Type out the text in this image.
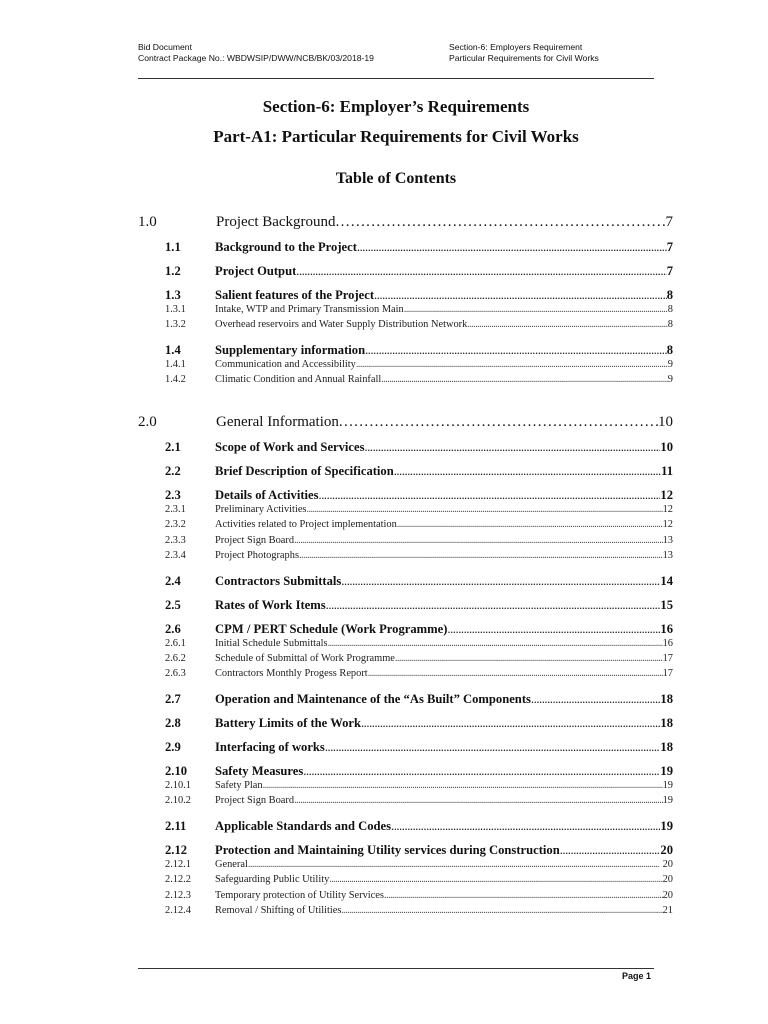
Bid Document
Contract Package No.: WBDWSIP/DWW/NCB/BK/03/2018-19
Section-6: Employers Requirement
Particular Requirements for Civil Works
Section-6: Employer’s Requirements
Part-A1: Particular Requirements for Civil Works
Table of Contents
1.0	Project Background . . .	7
1.1	Background to the Project . . .	7
1.2	Project Output . . .	7
1.3	Salient features of the Project . . .	8
1.3.1	Intake, WTP and Primary Transmission Main . . .	8
1.3.2	Overhead reservoirs and Water Supply Distribution Network . . .	8
1.4	Supplementary information . . .	8
1.4.1	Communication and Accessibility . . .	9
1.4.2	Climatic Condition and Annual Rainfall . . .	9
2.0	General Information . . .	10
2.1	Scope of Work and Services . . .	10
2.2	Brief Description of Specification . . .	11
2.3	Details of Activities . . .	12
2.3.1	Preliminary Activities . . .	12
2.3.2	Activities related to Project implementation . . .	12
2.3.3	Project Sign Board . . .	13
2.3.4	Project Photographs . . .	13
2.4	Contractors Submittals . . .	14
2.5	Rates of Work Items . . .	15
2.6	CPM / PERT Schedule (Work Programme) . . .	16
2.6.1	Initial Schedule Submittals . . .	16
2.6.2	Schedule of Submittal of Work Programme . . .	17
2.6.3	Contractors Monthly Progess Report . . .	17
2.7	Operation and Maintenance of the “As Built” Components . . .	18
2.8	Battery Limits of the Work . . .	18
2.9	Interfacing of works . . .	18
2.10 Safety Measures . . .	19
2.10.1	Safety Plan . . .	19
2.10.2	Project Sign Board . . .	19
2.11 Applicable Standards and Codes . . .	19
2.12 Protection and Maintaining Utility services during Construction . . .	20
2.12.1	General . . .	20
2.12.2	Safeguarding Public Utility . . .	20
2.12.3	Temporary protection of Utility Services . . .	20
2.12.4	Removal / Shifting of Utilities . . .	21
Page 1
